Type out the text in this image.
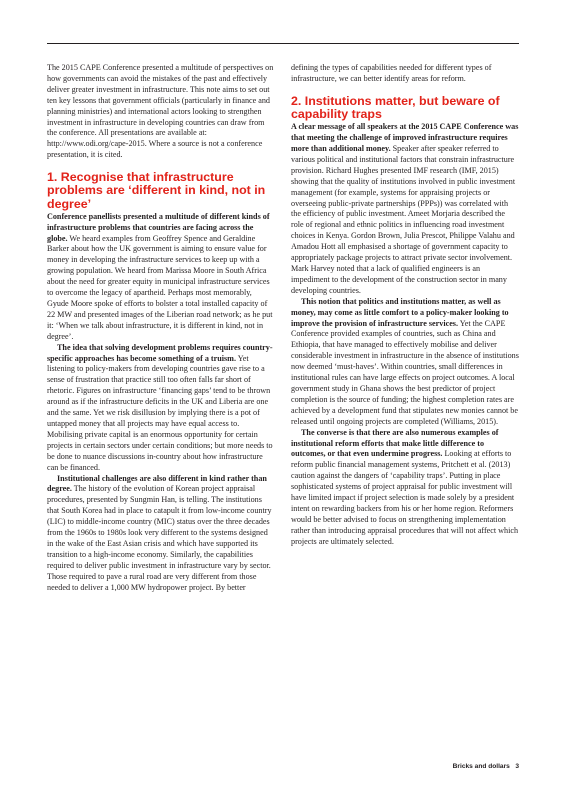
The 2015 CAPE Conference presented a multitude of perspectives on how governments can avoid the mistakes of the past and effectively deliver greater investment in infrastructure. This note aims to set out ten key lessons that government officials (particularly in finance and planning ministries) and international actors looking to strengthen investment in infrastructure in developing countries can draw from the conference. All presentations are available at: http://www.odi.org/cape-2015. Where a source is not a conference presentation, it is cited.

1. Recognise that infrastructure problems are ‘different in kind, not in degree’

Conference panellists presented a multitude of different kinds of infrastructure problems that countries are facing across the globe. We heard examples from Geoffrey Spence and Geraldine Barker about how the UK government is aiming to ensure value for money in developing the infrastructure services to keep up with a growing population. We heard from Marissa Moore in South Africa about the need for greater equity in municipal infrastructure services to overcome the legacy of apartheid. Perhaps most memorably, Gyude Moore spoke of efforts to bolster a total installed capacity of 22 MW and presented images of the Liberian road network; as he put it: ‘When we talk about infrastructure, it is different in kind, not in degree’.

The idea that solving development problems requires country-specific approaches has become something of a truism. Yet listening to policy-makers from developing countries gave rise to a sense of frustration that practice still too often falls far short of rhetoric. Figures on infrastructure ‘financing gaps’ tend to be thrown around as if the infrastructure deficits in the UK and Liberia are one and the same. Yet we risk disillusion by implying there is a pot of untapped money that all projects may have equal access to. Mobilising private capital is an enormous opportunity for certain projects in certain sectors under certain conditions; but more needs to be done to nuance discussions in-country about how infrastructure can be financed.

Institutional challenges are also different in kind rather than degree. The history of the evolution of Korean project appraisal procedures, presented by Sungmin Han, is telling. The institutions that South Korea had in place to catapult it from low-income country (LIC) to middle-income country (MIC) status over the three decades from the 1960s to 1980s look very different to the systems designed in the wake of the East Asian crisis and which have supported its transition to a high-income economy. Similarly, the capabilities required to deliver public investment in infrastructure vary by sector. Those required to pave a rural road are very different from those needed to deliver a 1,000 MW hydropower project. By better

defining the types of capabilities needed for different types of infrastructure, we can better identify areas for reform.

2. Institutions matter, but beware of capability traps

A clear message of all speakers at the 2015 CAPE Conference was that meeting the challenge of improved infrastructure requires more than additional money. Speaker after speaker referred to various political and institutional factors that constrain infrastructure provision. Richard Hughes presented IMF research (IMF, 2015) showing that the quality of institutions involved in public investment management (for example, systems for appraising projects or overseeing public-private partnerships (PPPs)) was correlated with the efficiency of public investment. Ameet Morjaria described the role of regional and ethnic politics in influencing road investment choices in Kenya. Gordon Brown, Julia Prescot, Philippe Valahu and Amadou Hott all emphasised a shortage of government capacity to appropriately package projects to attract private sector involvement. Mark Harvey noted that a lack of qualified engineers is an impediment to the development of the construction sector in many developing countries.

This notion that politics and institutions matter, as well as money, may come as little comfort to a policy-maker looking to improve the provision of infrastructure services. Yet the CAPE Conference provided examples of countries, such as China and Ethiopia, that have managed to effectively mobilise and deliver considerable investment in infrastructure in the absence of institutions now deemed ‘must-haves’. Within countries, small differences in institutional rules can have large effects on project outcomes. A local government study in Ghana shows the best predictor of project completion is the source of funding; the highest completion rates are achieved by a development fund that stipulates new monies cannot be released until ongoing projects are completed (Williams, 2015).

The converse is that there are also numerous examples of institutional reform efforts that make little difference to outcomes, or that even undermine progress. Looking at efforts to reform public financial management systems, Pritchett et al. (2013) caution against the dangers of ‘capability traps’. Putting in place sophisticated systems of project appraisal for public investment will have limited impact if project selection is made solely by a president intent on rewarding backers from his or her home region. Reformers would be better advised to focus on strengthening implementation rather than introducing appraisal procedures that will not affect which projects are ultimately selected.

Bricks and dollars 3
